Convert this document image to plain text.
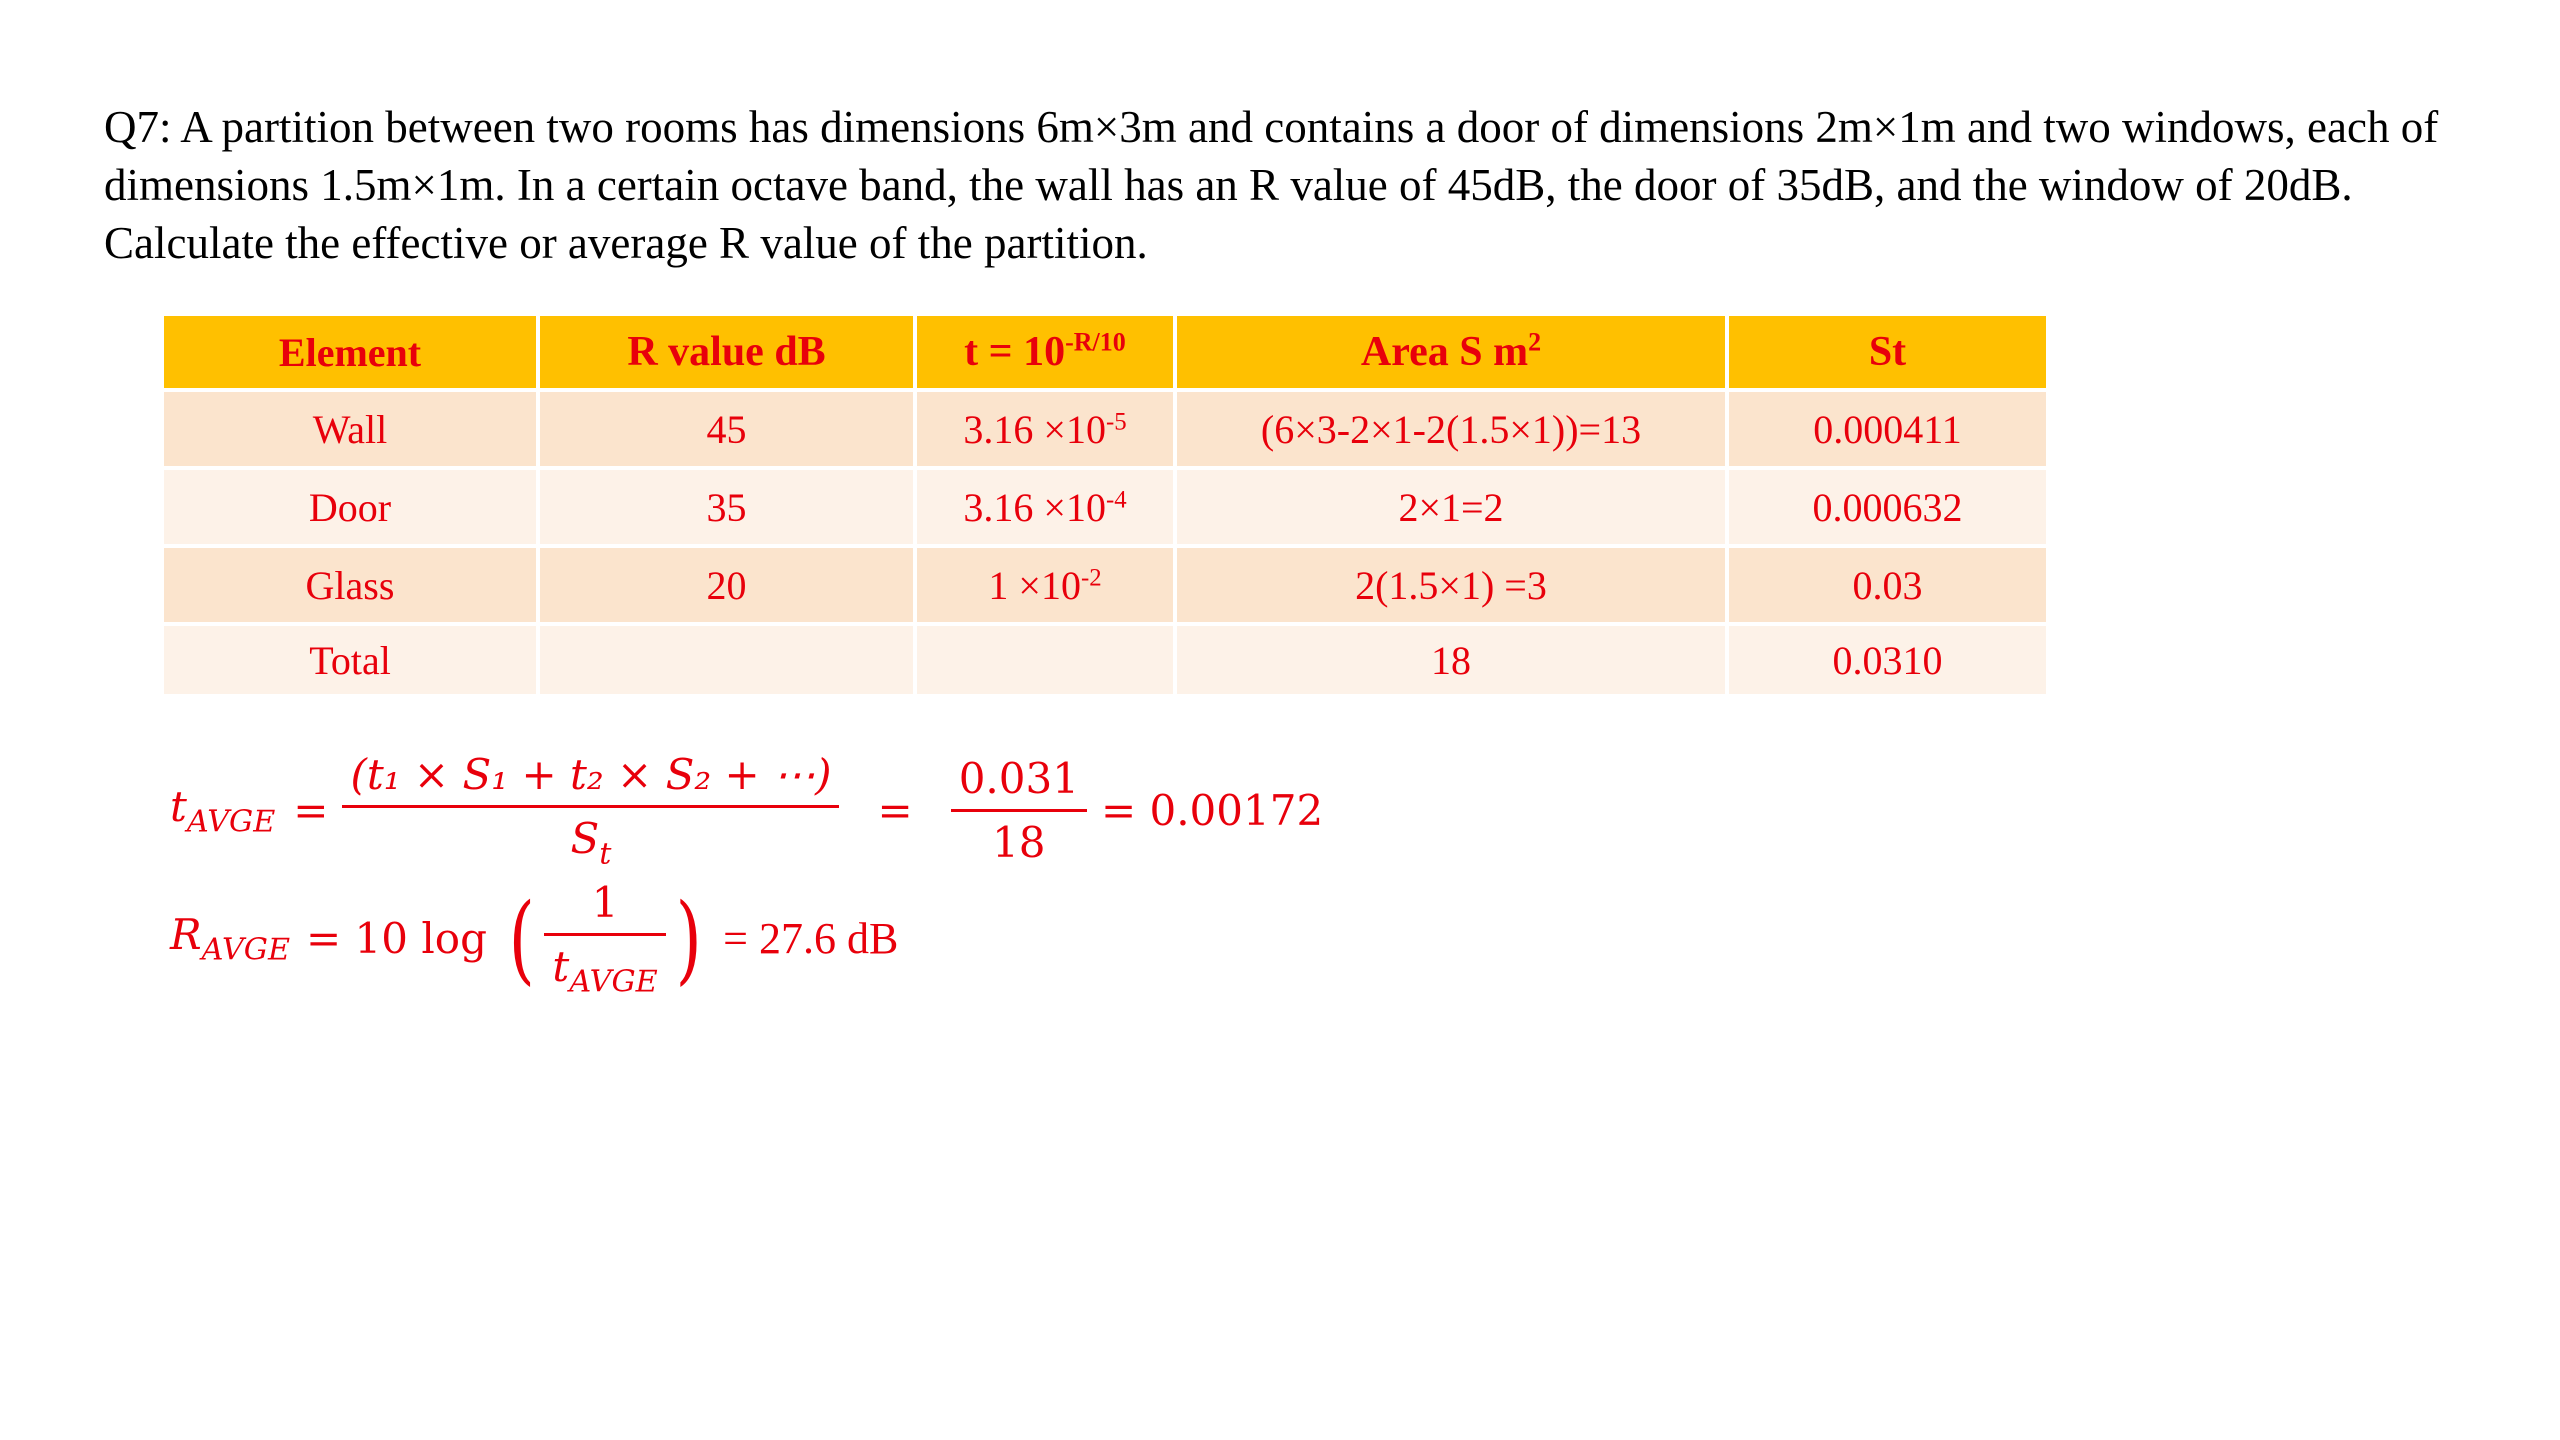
Q7: A partition between two rooms has dimensions 6m×3m and contains a door of dimensions 2m×1m and two windows, each of dimensions 1.5m×1m. In a certain octave band, the wall has an R value of 45dB, the door of 35dB, and the window of 20dB. Calculate the effective or average R value of the partition.

Element	R value dB	$t = 10^{-R/10}$	Area S $m^2$	St
Wall	45	$3.16 \times 10^{-5}$	(6×3-2×1-2(1.5×1))=13	0.000411
Door	35	$3.16 \times 10^{-4}$	2×1=2	0.000632
Glass	20	$1 \times 10^{-2}$	2(1.5×1) =3	0.03
Total			18	0.0310
$t_{AVGE} = \frac{\text{(t₁ × S₁ + t₂ × S₂ + ⋯)}}{S_t} = \frac{0.031}{18} = 0.00172$
$R_{AVGE} = 10$ log ( $\frac{1}{t_{AVGE}}$ ) = 27.6 dB
